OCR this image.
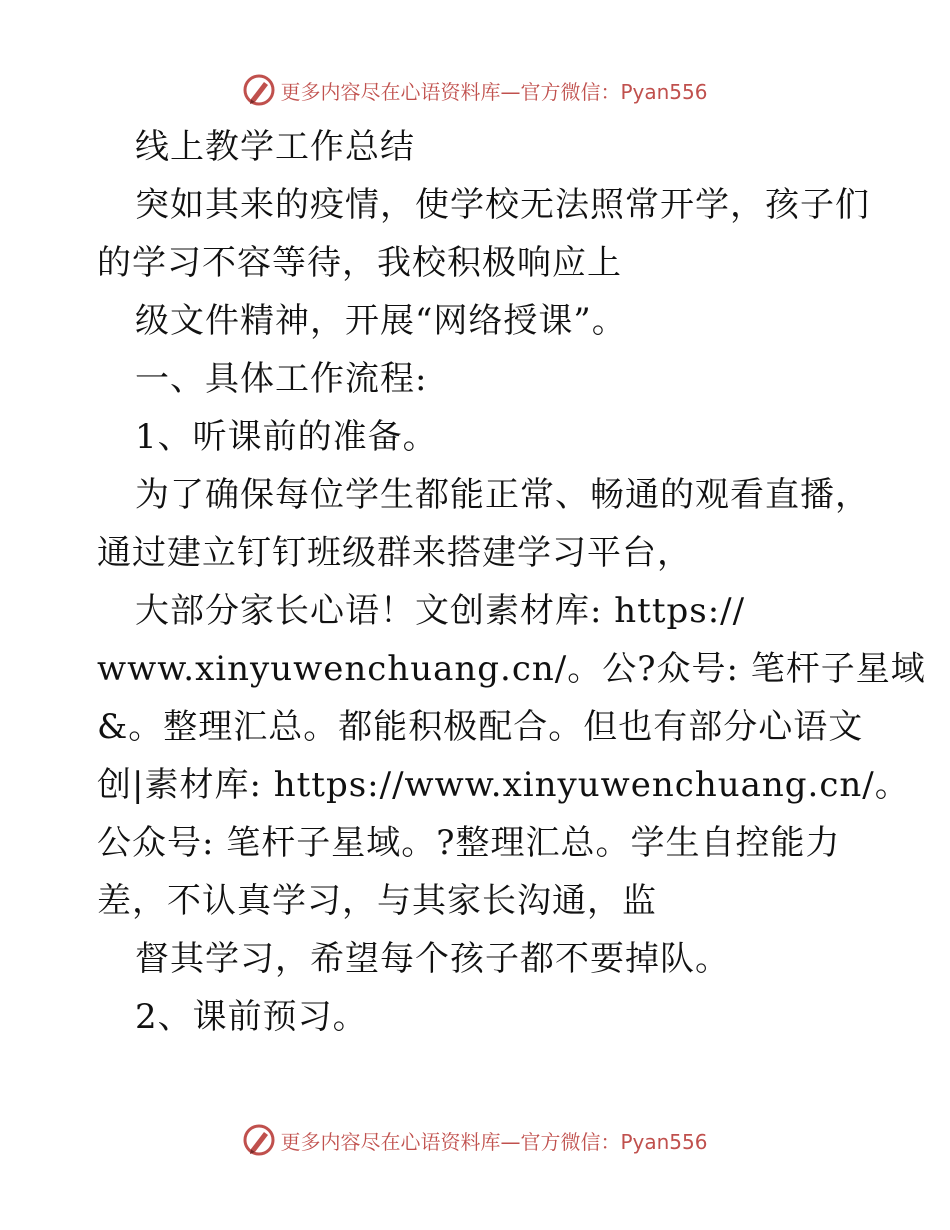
更多内容尽在心语资料库—官方微信：Pyan556

线上教学工作总结

突如其来的疫情，使学校无法照常开学，孩子们

的学习不容等待，我校积极响应上

级文件精神，开展“网络授课”。

一、具体工作流程:

1、听课前的准备。

为了确保每位学生都能正常、畅通的观看直播，

通过建立钉钉班级群来搭建学习平台，

大部分家长心语！文创素材库: https://

www.xinyuwenchuang.cn/。公?众号: 笔杆子星域

&。整理汇总。都能积极配合。但也有部分心语文

创|素材库: https://www.xinyuwenchuang.cn/。

公众号: 笔杆子星域。?整理汇总。学生自控能力

差，不认真学习，与其家长沟通，监

督其学习，希望每个孩子都不要掉队。

2、课前预习。

更多内容尽在心语资料库—官方微信：Pyan556
